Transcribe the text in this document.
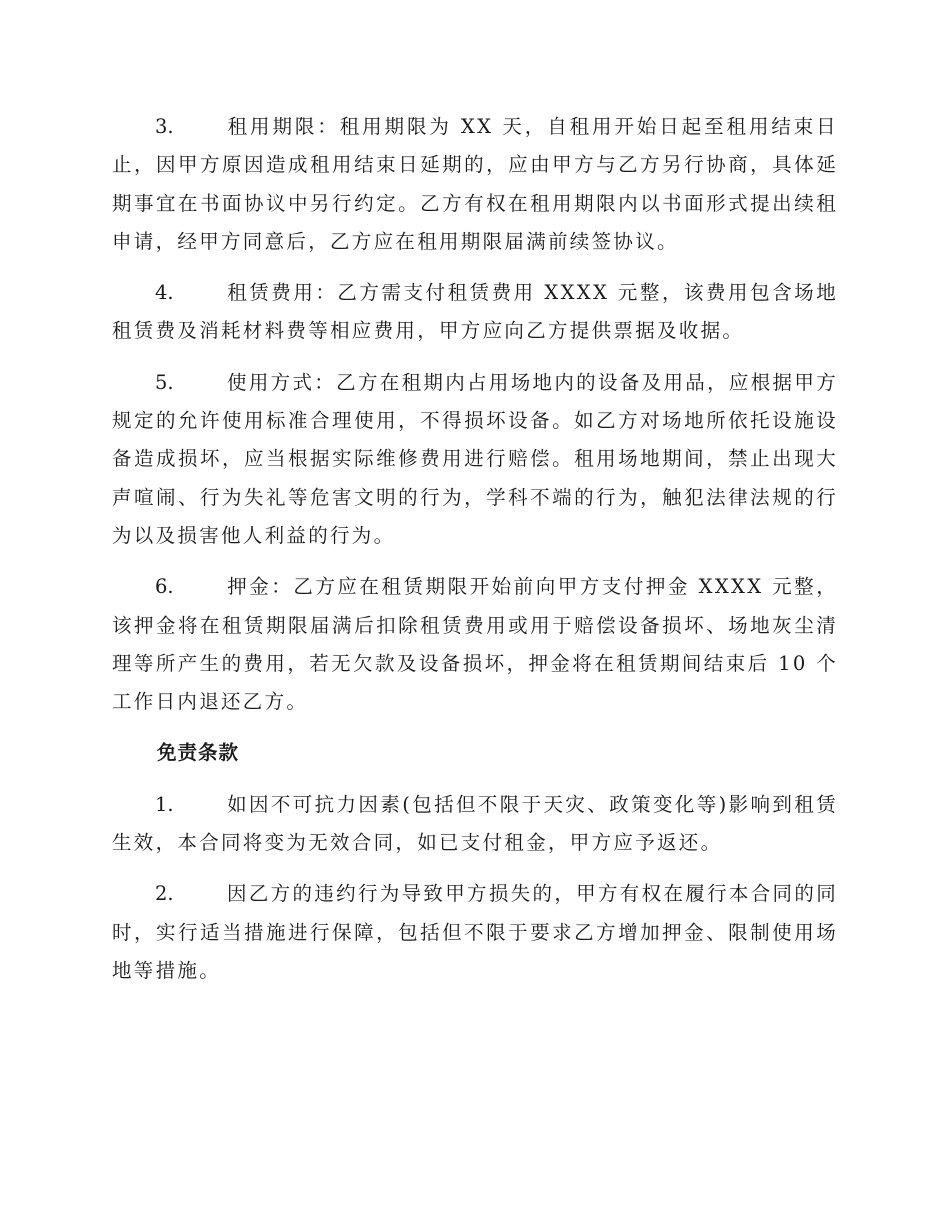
3.	租用期限：租用期限为 XX 天，自租用开始日起至租用结束日止，因甲方原因造成租用结束日延期的，应由甲方与乙方另行协商，具体延期事宜在书面协议中另行约定。乙方有权在租用期限内以书面形式提出续租申请，经甲方同意后，乙方应在租用期限届满前续签协议。

4.	租赁费用：乙方需支付租赁费用 XXXX 元整，该费用包含场地租赁费及消耗材料费等相应费用，甲方应向乙方提供票据及收据。

5.	使用方式：乙方在租期内占用场地内的设备及用品，应根据甲方规定的允许使用标准合理使用，不得损坏设备。如乙方对场地所依托设施设备造成损坏，应当根据实际维修费用进行赔偿。租用场地期间，禁止出现大声喧闹、行为失礼等危害文明的行为，学科不端的行为，触犯法律法规的行为以及损害他人利益的行为。

6.	押金：乙方应在租赁期限开始前向甲方支付押金 XXXX 元整，该押金将在租赁期限届满后扣除租赁费用或用于赔偿设备损坏、场地灰尘清理等所产生的费用，若无欠款及设备损坏，押金将在租赁期间结束后 10 个工作日内退还乙方。

免责条款

1.	如因不可抗力因素(包括但不限于天灾、政策变化等)影响到租赁生效，本合同将变为无效合同，如已支付租金，甲方应予返还。

2.	因乙方的违约行为导致甲方损失的，甲方有权在履行本合同的同时，实行适当措施进行保障，包括但不限于要求乙方增加押金、限制使用场地等措施。
